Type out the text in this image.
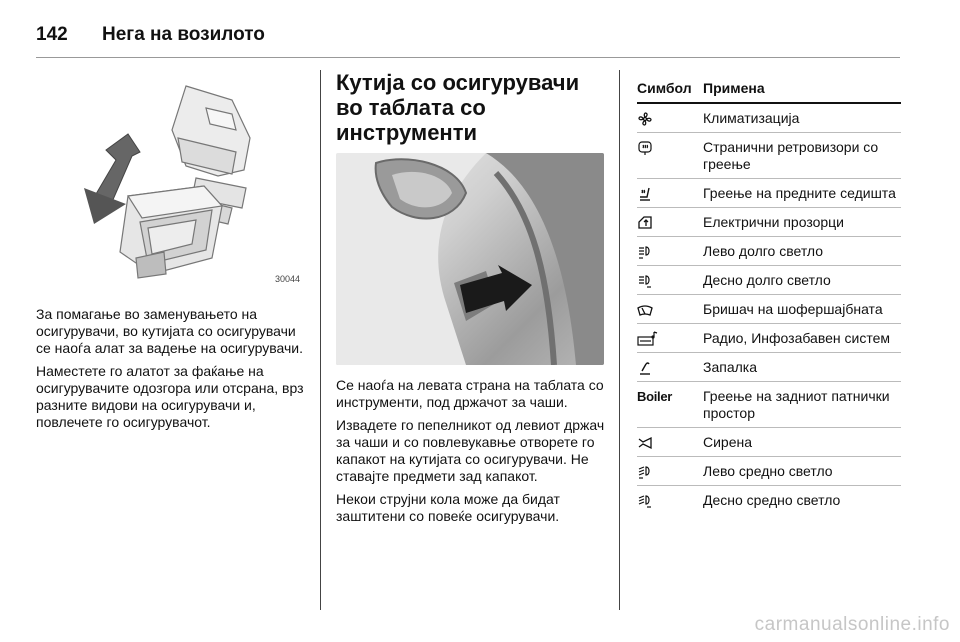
142	Нега на возилото
30044

За помагање во заменувањето на осигурувачи, во кутијата со осигурувачи се наоѓа алат за вадење на осигурувачи.

Наместете го алатот за фаќање на осигурувачите одозгора или отсрана, врз разните видови на осигурувачи и, повлечете го осигурувачот.

Кутија со осигурувачи во таблата со инструменти

Се наоѓа на левата страна на таблата со инструменти, под држачот за чаши.

Извадете го пепелникот од левиот држач за чаши и со повлевукавње отворете го капакот на кутијата со осигурувачи. Не ставајте предмети зад капакот.

Некои струјни кола може да бидат заштитени со повеќе осигурувачи.

Симбол Примена
Климатизација
Странични ретровизори со греење
Греење на предните седишта
Електрични прозорци
Лево долго светло
Десно долго светло
Бришач на шофершајбната
Радио, Инфозабавен систем
Запалка
Boiler	Греење на задниот патнички простор
Сирена
Лево средно светло
Десно средно светло
carmanualsonline.info
